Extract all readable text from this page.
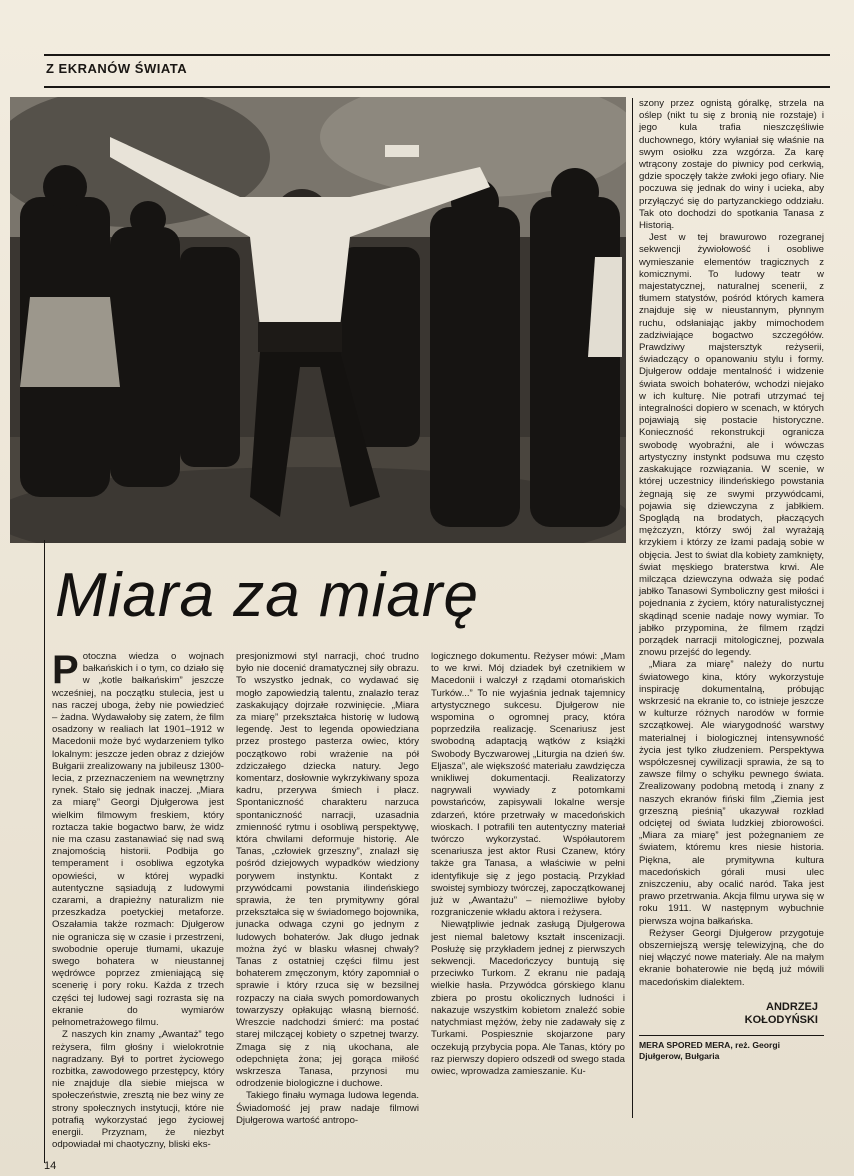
Z EKRANÓW ŚWIATA

szony przez ognistą góralkę, strzela na oślep (nikt tu się z bronią nie rozstaje) i jego kula trafia nieszczęśliwie duchownego, który wyłaniał się właśnie na swym osiołku zza wzgórza. Za karę wtrącony zostaje do piwnicy pod cerkwią, gdzie spoczęły także zwłoki jego ofiary. Nie poczuwa się jednak do winy i ucieka, aby przyłączyć się do partyzanckiego oddziału. Tak oto dochodzi do spotkania Tanasa z Historią.

Jest w tej brawurowo rozegranej sekwencji żywiołowość i osobliwe wymieszanie elementów tragicznych z komicznymi. To ludowy teatr w majestatycznej, naturalnej scenerii, z tłumem statystów, pośród których kamera znajduje się w nieustannym, płynnym ruchu, odsłaniając jakby mimochodem zadziwiające bogactwo szczegółów. Prawdziwy majstersztyk reżyserii, świadczący o opanowaniu stylu i formy. Djułgerow oddaje mentalność i widzenie świata swoich bohaterów, wchodzi niejako w ich kulturę. Nie potrafi utrzymać tej integralności dopiero w scenach, w których pojawiają się postacie historyczne. Konieczność rekonstrukcji ogranicza swobodę wyobraźni, ale i wówczas artystyczny instynkt podsuwa mu często zaskakujące rozwiązania. W scenie, w której uczestnicy ilindeńskiego powstania żegnają się ze swymi przywódcami, pojawia się dziewczyna z jabłkiem. Spoglądą na brodatych, płaczących mężczyzn, którzy swój żal wyrażają krzykiem i którzy ze łzami padają sobie w objęcia. Jest to świat dla kobiety zamknięty, świat męskiego braterstwa krwi. Ale milcząca dziewczyna odważa się podać jabłko Tanasowi Symboliczny gest miłości i pojednania z życiem, który naturalistycznej skądinąd scenie nadaje nowy wymiar. To jabłko przypomina, że filmem rządzi porządek narracji mitologicznej, pozwala znowu przejść do legendy.

„Miara za miarę” należy do nurtu światowego kina, który wykorzystuje inspirację dokumentalną, próbując wskrzesić na ekranie to, co istnieje jeszcze w kulturze różnych narodów w formie szczątkowej. Ale wiarygodność warstwy materialnej i biologicznej intensywność życia jest tylko złudzeniem. Perspektywa współczesnej cywilizacji sprawia, że są to zawsze filmy o schyłku pewnego świata. Zrealizowany podobną metodą i znany z naszych ekranów fiński film „Ziemia jest grzeszną pieśnią” ukazywał rozkład odciętej od świata ludzkiej zbiorowości. „Miara za miarę” jest pożegnaniem ze światem, któremu kres niesie historia. Piękna, ale prymitywna kultura macedońskich górali musi ulec zniszczeniu, aby ocalić naród. Taka jest prawo przetrwania. Akcja filmu urywa się w roku 1911. W następnym wybuchnie pierwsza wojna bałkańska.

Reżyser Georgi Djułgerow przygotuje obszerniejszą wersję telewizyjną, che do niej włączyć nowe materiały. Ale na małym ekranie bohaterowie nie będą już mówili macedońskim dialektem.

ANDRZEJ
KOŁODYŃSKI
MERA SPORED MERA, reż. Georgi Djułgerow, Bułgaria
Miara za miarę
P otoczna wiedza o wojnach bałkańskich i o tym, co działo się w „kotle bałkańskim” jeszcze wcześniej, na początku stulecia, jest u nas raczej uboga, żeby nie powiedzieć – żadna. Wydawałoby się zatem, że film osadzony w realiach lat 1901–1912 w Macedonii może być wydarzeniem tylko lokalnym: jeszcze jeden obraz z dziejów Bułgarii zrealizowany na jubileusz 1300-lecia, z przeznaczeniem na wewnętrzny rynek. Stało się jednak inaczej. „Miara za miarę” Georgi Djułgerowa jest wielkim filmowym freskiem, który roztacza takie bogactwo barw, że widz nie ma czasu zastanawiać się nad swą znajomością historii. Podbija go temperament i osobliwa egzotyka opowieści, w której wypadki autentyczne sąsiadują z ludowymi czarami, a drapieżny naturalizm nie przeszkadza poetyckiej metaforze. Oszałamia także rozmach: Djułgerow nie ogranicza się w czasie i przestrzeni, swobodnie operuje tłumami, ukazuje swego bohatera w nieustannej wędrówce poprzez zmieniającą się scenerię i pory roku. Każda z trzech części tej ludowej sagi rozrasta się na ekranie do wymiarów pełnometrażowego filmu.

Z naszych kin znamy „Awantaż” tego reżysera, film głośny i wielokrotnie nagradzany. Był to portret życiowego rozbitka, zawodowego przestępcy, który nie znajduje dla siebie miejsca w społeczeństwie, zresztą nie bez winy ze strony społecznych instytucji, które nie potrafią wykorzystać jego życiowej energii. Przyznam, że niezbyt odpowiadał mi chaotyczny, bliski eks-

presjonizmowi styl narracji, choć trudno było nie docenić dramatycznej siły obrazu. To wszystko jednak, co wydawać się mogło zapowiedzią talentu, znalazło teraz zaskakujący dojrzałe rozwinięcie. „Miara za miarę” przekształca historię w ludową legendę. Jest to legenda opowiedziana przez prostego pasterza owiec, który początkowo robi wrażenie na pół zdziczałego dziecka natury. Jego komentarz, dosłownie wykrzykiwany spoza kadru, przerywa śmiech i płacz. Spontaniczność charakteru narzuca spontaniczność narracji, uzasadnia zmienność rytmu i osobliwą perspektywę, która chwilami deformuje historię. Ale Tanas, „człowiek grzeszny”, znalazł się pośród dziejowych wypadków wiedziony porywem instynktu. Kontakt z przywódcami powstania ilindeńskiego sprawia, że ten prymitywny góral przekształca się w świadomego bojownika, junacka odwaga czyni go jednym z ludowych bohaterów. Jak długo jednak można żyć w blasku własnej chwały? Tanas z ostatniej części filmu jest bohaterem zmęczonym, który zapomniał o sprawie i który rzuca się w bezsilnej rozpaczy na ciała swych pomordowanych towarzyszy opłakując własną bierność. Wreszcie nadchodzi śmierć: ma postać starej milczącej kobiety o szpetnej twarzy. Zmaga się z nią ukochana, ale odepchnięta żona; jej gorąca miłość wskrzesza Tanasa, przynosi mu odrodzenie biologiczne i duchowe.

Takiego finału wymaga ludowa legenda. Świadomość jej praw nadaje filmowi Djułgerowa wartość antropo-

logicznego dokumentu. Reżyser mówi: „Mam to we krwi. Mój dziadek był czetnikiem w Macedonii i walczył z rządami otomańskich Turków...” To nie wyjaśnia jednak tajemnicy artystycznego sukcesu. Djułgerow nie wspomina o ogromnej pracy, która poprzedziła realizację. Scenariusz jest swobodną adaptacją wątków z książki Swobody Byczwarowej „Liturgia na dzień św. Eljasza”, ale większość materiału zawdzięcza wnikliwej dokumentacji. Realizatorzy nagrywali wywiady z potomkami powstańców, zapisywali lokalne wersje zdarzeń, które przetrwały w macedońskich wioskach. I potrafili ten autentyczny materiał twórczo wykorzystać. Współautorem scenariusza jest aktor Rusi Czanew, który także gra Tanasa, a właściwie w pełni identyfikuje się z jego postacią. Przykład swoistej symbiozy twórczej, zapoczątkowanej już w „Awantażu” – niemożliwe byłoby rozgraniczenie wkładu aktora i reżysera.

Niewątpliwie jednak zasługą Djułgerowa jest niemal baletowy kształt inscenizacji. Posłużę się przykładem jednej z pierwszych sekwencji. Macedończycy buntują się przeciwko Turkom. Z ekranu nie padają wielkie hasła. Przywódca górskiego klanu zbiera po prostu okolicznych ludności i nakazuje wszystkim kobietom znaleźć sobie natychmiast mężów, żeby nie zadawały się z Turkami. Pospiesznie skojarzone pary oczekują przybycia popa. Ale Tanas, który po raz pierwszy dopiero odszedł od swego stada owiec, wprowadza zamieszanie. Ku-

14
